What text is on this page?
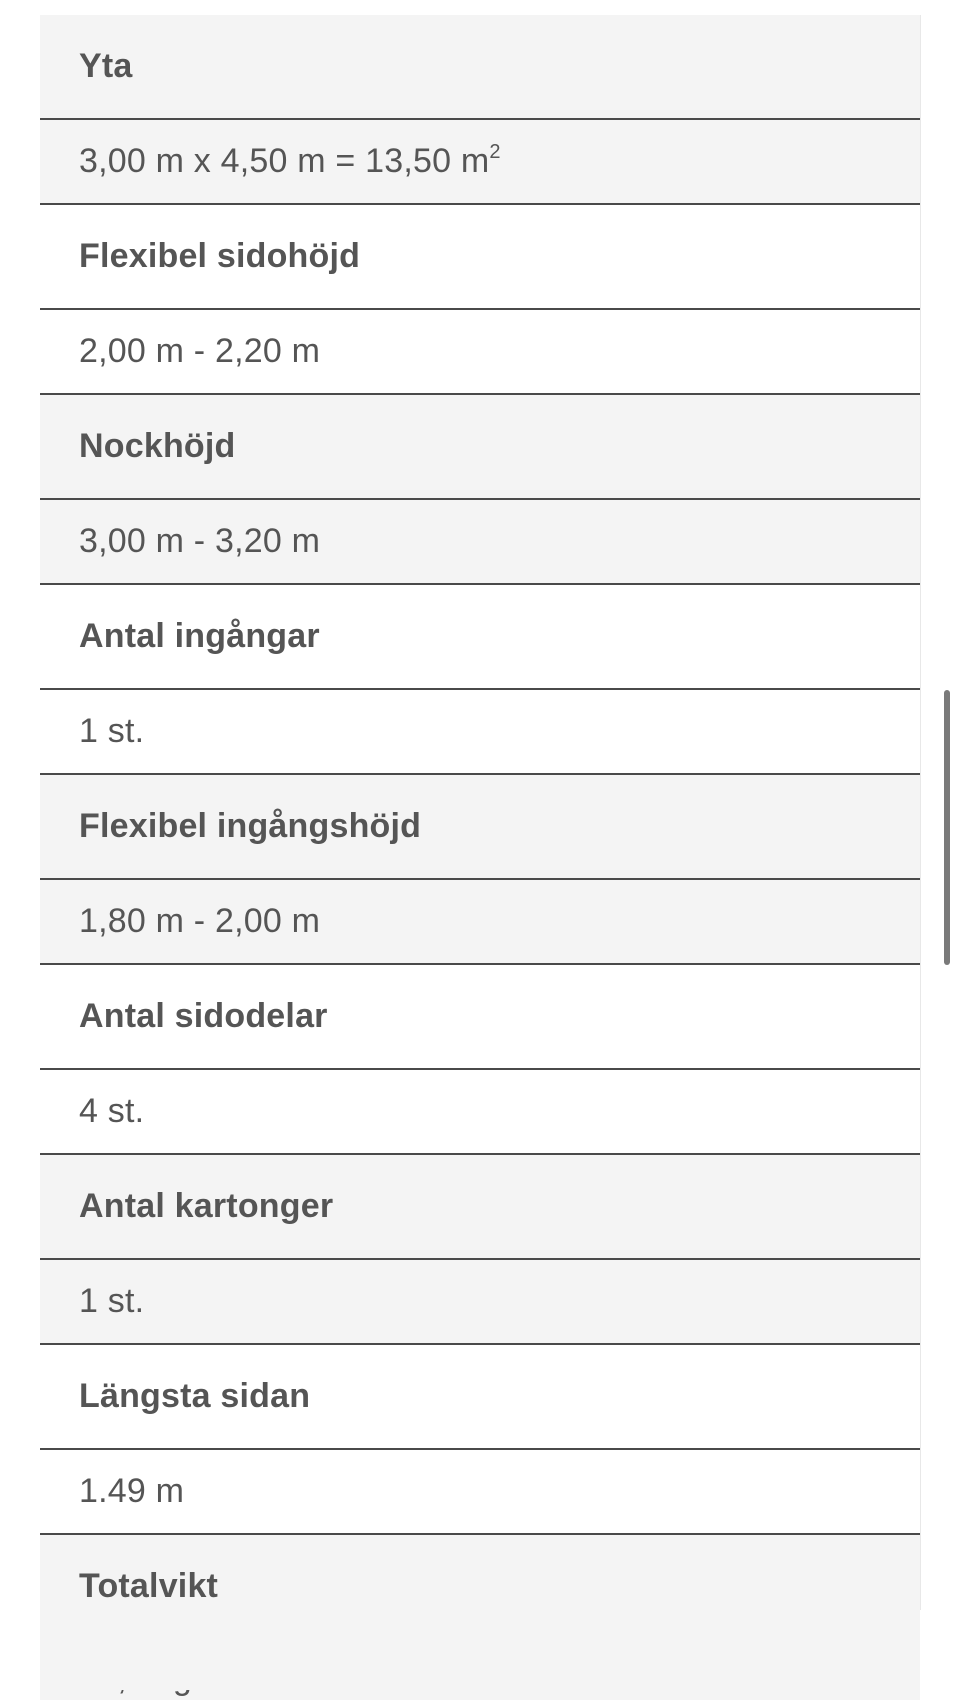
Yta
3,00 m x 4,50 m = 13,50 $m^2$
Flexibel sidohöjd
2,00 m - 2,20 m
Nockhöjd
3,00 m - 3,20 m
Antal ingångar
1 st.
Flexibel ingångshöjd
1,80 m - 2,00 m
Antal sidodelar
4 st.
Antal kartonger
1 st.
Längsta sidan
1.49 m
Totalvikt
